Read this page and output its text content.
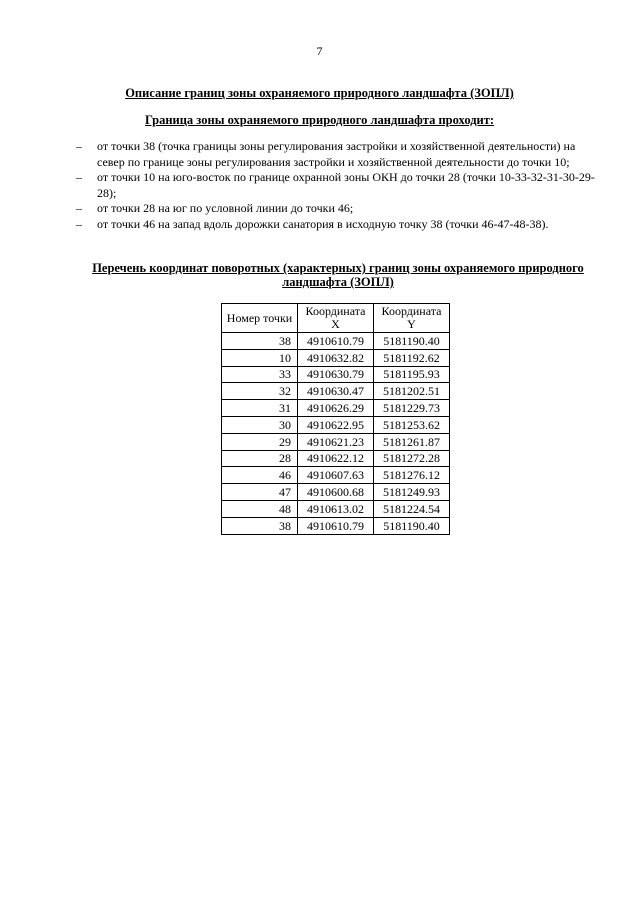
7
Описание границ зоны охраняемого природного ландшафта (ЗОПЛ)
Граница зоны охраняемого природного ландшафта проходит:
– от точки 38 (точка границы зоны регулирования застройки и хозяйственной деятельности) на север по границе зоны регулирования застройки и хозяйственной деятельности до точки 10;
– от точки 10 на юго-восток по границе охранной зоны ОКН до точки 28 (точки 10-33-32-31-30-29-28);
– от точки 28 на юг по условной линии до точки 46;
– от точки 46 на запад вдоль дорожки санатория в исходную точку 38 (точки 46-47-48-38).
Перечень координат поворотных (характерных) границ зоны охраняемого природного ландшафта (ЗОПЛ)
Номер точки	Координата X	Координата Y
38	4910610.79	5181190.40
10	4910632.82	5181192.62
33	4910630.79	5181195.93
32	4910630.47	5181202.51
31	4910626.29	5181229.73
30	4910622.95	5181253.62
29	4910621.23	5181261.87
28	4910622.12	5181272.28
46	4910607.63	5181276.12
47	4910600.68	5181249.93
48	4910613.02	5181224.54
38	4910610.79	5181190.40
